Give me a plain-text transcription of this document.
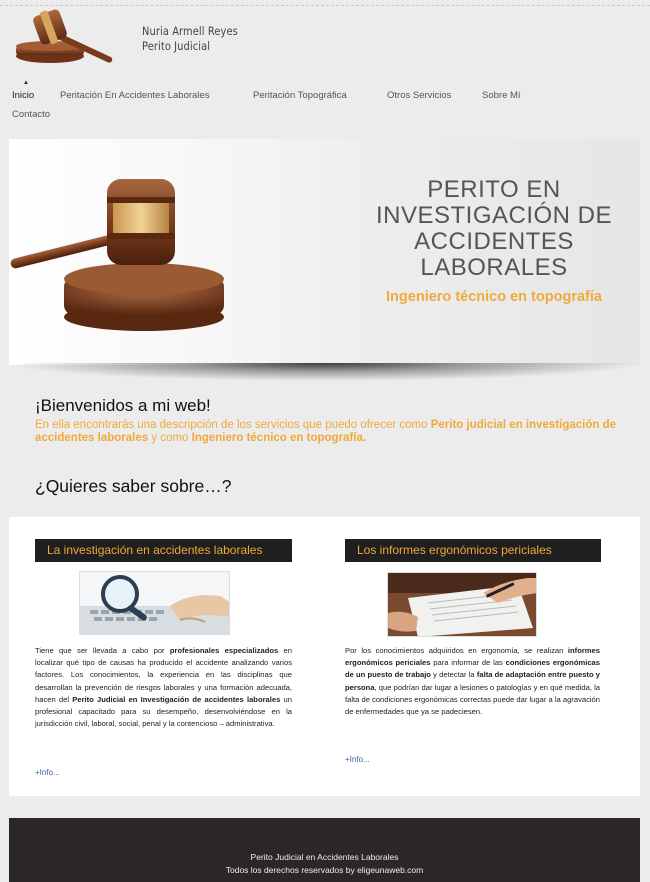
Nuria Armell Reyes
Perito Judicial
Inicio
▲
Peritación En Accidentes Laborales	Peritación Topográfica	Otros Servicios	Sobre Mí
Contacto
PERITO EN
INVESTIGACIÓN DE
ACCIDENTES
LABORALES
Ingeniero técnico en topografía
¡Bienvenidos a mi web!
En ella encontrarás una descripción de los servicios que puedo ofrecer como Perito judicial en investigación de accidentes laborales y como Ingeniero técnico en topografía.
¿Quieres saber sobre…?
La investigación en accidentes laborales
Tiene que ser llevada a cabo por profesionales especializados en localizar qué tipo de causas ha producido el accidente analizando varios factores. Los conocimientos, la experiencia en las disciplinas que desarrollan la prevención de riesgos laborales y una formación adecuada, hacen del Perito Judicial en Investigación de accidentes laborales un profesional capacitado para su desempeño, desenvolviéndose en la jurisdicción civil, laboral, social, penal y la contencioso – administrativa.
+Info...
Los informes ergonómicos periciales
Por los conocimientos adquiridos en ergonomía, se realizan informes ergonómicos periciales para informar de las condiciones ergonómicas de un puesto de trabajo y detectar la falta de adaptación entre puesto y persona, que podrían dar lugar a lesiones o patologías y en qué medida, la falta de condiciones ergonómicas correctas puede dar lugar a la agravación de enfermedades que ya se padeciesen.
+Info...
Perito Judicial en Accidentes Laborales
Todos los derechos reservados by eligeunaweb.com
